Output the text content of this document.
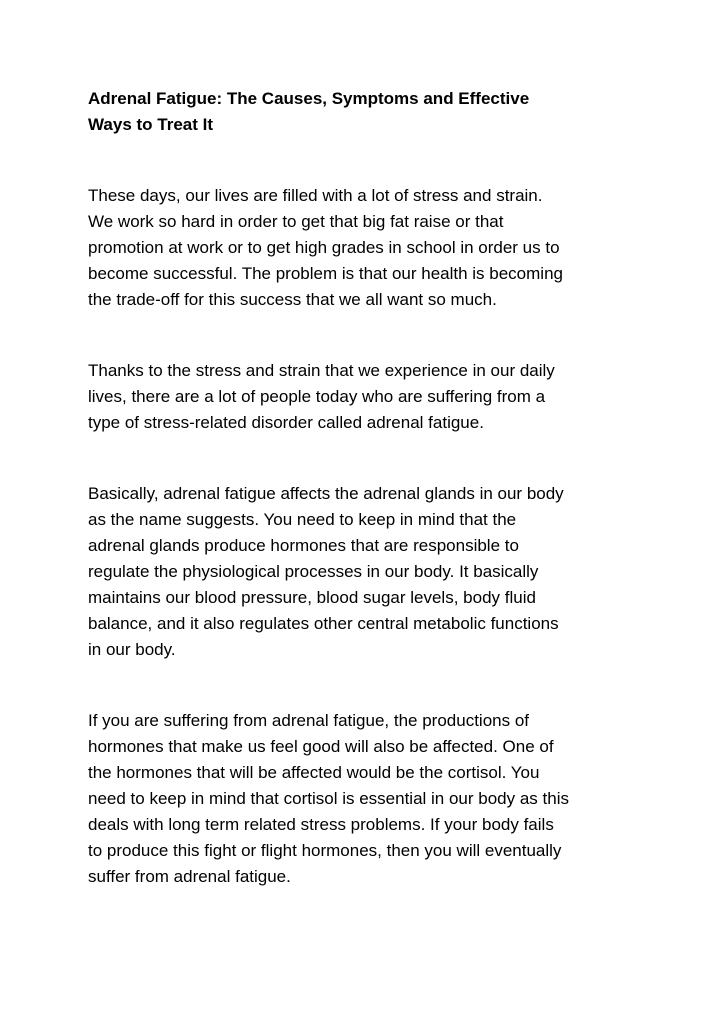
Adrenal Fatigue: The Causes, Symptoms and Effective
Ways to Treat It

These days, our lives are filled with a lot of stress and strain.
We work so hard in order to get that big fat raise or that
promotion at work or to get high grades in school in order us to
become successful. The problem is that our health is becoming
the trade-off for this success that we all want so much.

Thanks to the stress and strain that we experience in our daily
lives, there are a lot of people today who are suffering from a
type of stress-related disorder called adrenal fatigue.

Basically, adrenal fatigue affects the adrenal glands in our body
as the name suggests. You need to keep in mind that the
adrenal glands produce hormones that are responsible to
regulate the physiological processes in our body. It basically
maintains our blood pressure, blood sugar levels, body fluid
balance, and it also regulates other central metabolic functions
in our body.

If you are suffering from adrenal fatigue, the productions of
hormones that make us feel good will also be affected. One of
the hormones that will be affected would be the cortisol. You
need to keep in mind that cortisol is essential in our body as this
deals with long term related stress problems. If your body fails
to produce this fight or flight hormones, then you will eventually
suffer from adrenal fatigue.
